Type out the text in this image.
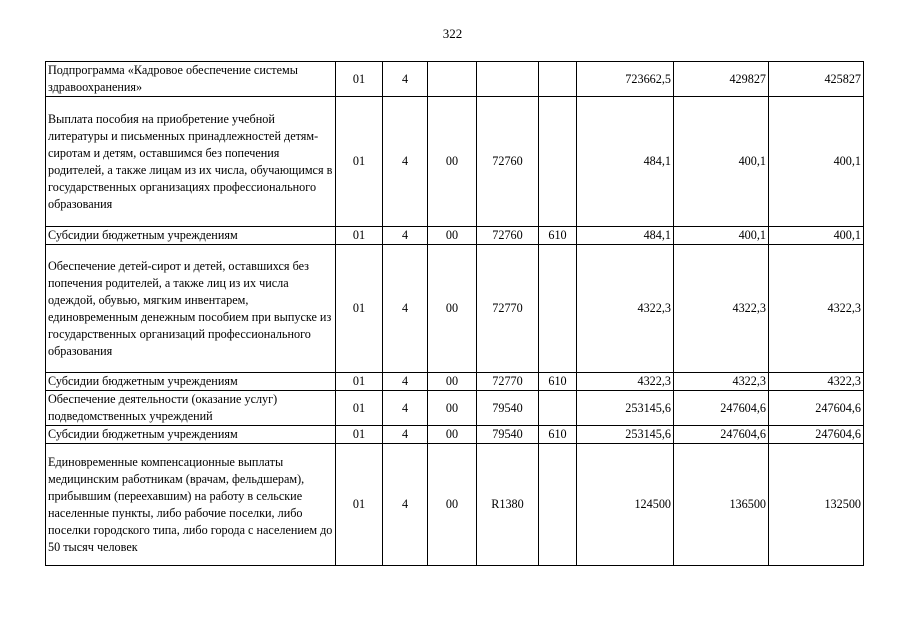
322
Подпрограмма «Кадровое обеспечение системы здравоохранения»	01	4				723662,5	429827	425827
Выплата пособия на приобретение учебной литературы и письменных принадлежностей детям-сиротам и детям, оставшимся без попечения родителей, а также лицам из их числа, обучающимся в государственных организациях профессионального образования	01	4	00	72760		484,1	400,1	400,1
Субсидии бюджетным учреждениям	01	4	00	72760	610	484,1	400,1	400,1
Обеспечение детей-сирот и детей, оставшихся без попечения родителей, а также лиц из их числа одеждой, обувью, мягким инвентарем, единовременным денежным пособием при выпуске из государственных организаций профессионального образования	01	4	00	72770		4322,3	4322,3	4322,3
Субсидии бюджетным учреждениям	01	4	00	72770	610	4322,3	4322,3	4322,3
Обеспечение деятельности (оказание услуг) подведомственных учреждений	01	4	00	79540		253145,6	247604,6	247604,6
Субсидии бюджетным учреждениям	01	4	00	79540	610	253145,6	247604,6	247604,6
Единовременные компенсационные выплаты медицинским работникам (врачам, фельдшерам), прибывшим (переехавшим) на работу в сельские населенные пункты, либо рабочие поселки, либо поселки городского типа, либо города с населением до 50 тысяч человек	01	4	00	R1380		124500	136500	132500
